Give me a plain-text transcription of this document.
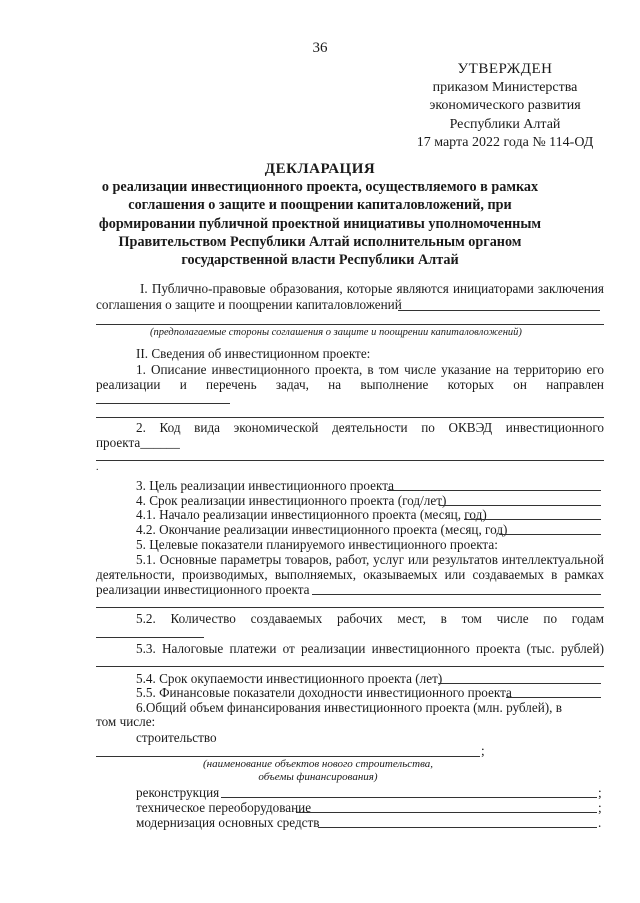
36
УТВЕРЖДЕН
приказом Министерства
экономического развития
Республики Алтай
17 марта 2022 года № 114-ОД
ДЕКЛАРАЦИЯ
о реализации инвестиционного проекта, осуществляемого в рамках
соглашения о защите и поощрении капиталовложений, при
формировании публичной проектной инициативы уполномоченным
Правительством Республики Алтай исполнительным органом
государственной власти Республики Алтай
I. Публично-правовые образования, которые являются инициаторами заключения
соглашения о защите и поощрении капиталовложений
(предполагаемые стороны соглашения о защите и поощрении капиталовложений)
II. Сведения об инвестиционном проекте:
1. Описание инвестиционного проекта, в том числе указание на территорию его
реализации и перечень задач, на выполнение которых он направлен
2. Код вида экономической деятельности по ОКВЭД инвестиционного
проекта______
.
3. Цель реализации инвестиционного проекта
4. Срок реализации инвестиционного проекта (год/лет)
4.1. Начало реализации инвестиционного проекта (месяц, год)
4.2. Окончание реализации инвестиционного проекта (месяц, год)
5. Целевые показатели планируемого инвестиционного проекта:
5.1. Основные параметры товаров, работ, услуг или результатов интеллектуальной
деятельности, производимых, выполняемых, оказываемых или создаваемых в рамках
реализации инвестиционного проекта
5.2. Количество создаваемых рабочих мест, в том числе по годам
5.3. Налоговые платежи от реализации инвестиционного проекта (тыс. рублей)
5.4. Срок окупаемости инвестиционного проекта (лет)
5.5. Финансовые показатели доходности инвестиционного проекта
6.Общий объем финансирования инвестиционного проекта (млн. рублей), в
том числе:
строительство
;
(наименование объектов нового строительства,
объемы финансирования)
реконструкция	;
техническое переоборудование	;
модернизация основных средств	.
